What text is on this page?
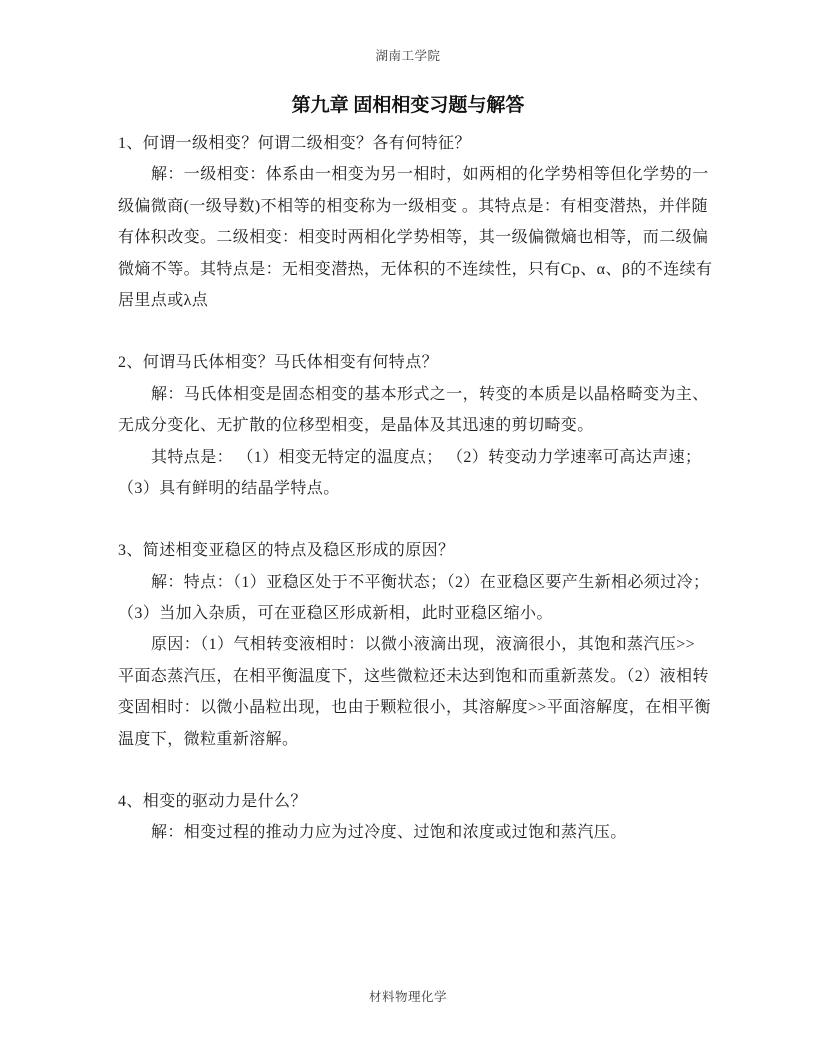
湖南工学院
第九章 固相相变习题与解答
1、何谓一级相变？何谓二级相变？各有何特征？
解：一级相变：体系由一相变为另一相时，如两相的化学势相等但化学势的一
级偏微商(一级导数)不相等的相变称为一级相变 。其特点是：有相变潜热，并伴随
有体积改变。二级相变：相变时两相化学势相等，其一级偏微熵也相等，而二级偏
微熵不等。其特点是：无相变潜热，无体积的不连续性，只有Cp、α、β的不连续有
居里点或λ点
2、何谓马氏体相变？马氏体相变有何特点？
解：马氏体相变是固态相变的基本形式之一，转变的本质是以晶格畸变为主、
无成分变化、无扩散的位移型相变，是晶体及其迅速的剪切畸变。
其特点是： （1）相变无特定的温度点； （2）转变动力学速率可高达声速；
（3）具有鲜明的结晶学特点。
3、简述相变亚稳区的特点及稳区形成的原因？
解：特点：（1）亚稳区处于不平衡状态；（2）在亚稳区要产生新相必须过冷；
（3）当加入杂质，可在亚稳区形成新相，此时亚稳区缩小。
原因：（1）气相转变液相时：以微小液滴出现，液滴很小，其饱和蒸汽压>>
平面态蒸汽压，在相平衡温度下，这些微粒还未达到饱和而重新蒸发。（2）液相转
变固相时：以微小晶粒出现，也由于颗粒很小，其溶解度>>平面溶解度，在相平衡
温度下，微粒重新溶解。
4、相变的驱动力是什么？
解：相变过程的推动力应为过冷度、过饱和浓度或过饱和蒸汽压。
材料物理化学
